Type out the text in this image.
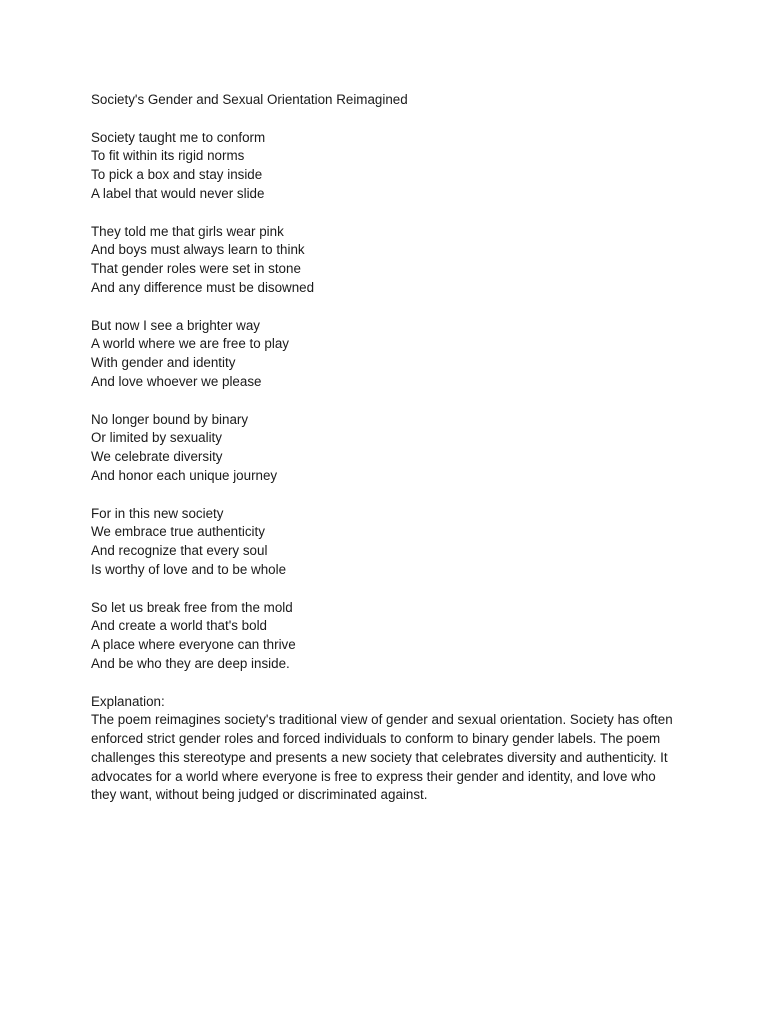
Society's Gender and Sexual Orientation Reimagined
Society taught me to conform
To fit within its rigid norms
To pick a box and stay inside
A label that would never slide
They told me that girls wear pink
And boys must always learn to think
That gender roles were set in stone
And any difference must be disowned
But now I see a brighter way
A world where we are free to play
With gender and identity
And love whoever we please
No longer bound by binary
Or limited by sexuality
We celebrate diversity
And honor each unique journey
For in this new society
We embrace true authenticity
And recognize that every soul
Is worthy of love and to be whole
So let us break free from the mold
And create a world that's bold
A place where everyone can thrive
And be who they are deep inside.
Explanation:

The poem reimagines society's traditional view of gender and sexual orientation. Society has often enforced strict gender roles and forced individuals to conform to binary gender labels. The poem challenges this stereotype and presents a new society that celebrates diversity and authenticity. It advocates for a world where everyone is free to express their gender and identity, and love who they want, without being judged or discriminated against.
